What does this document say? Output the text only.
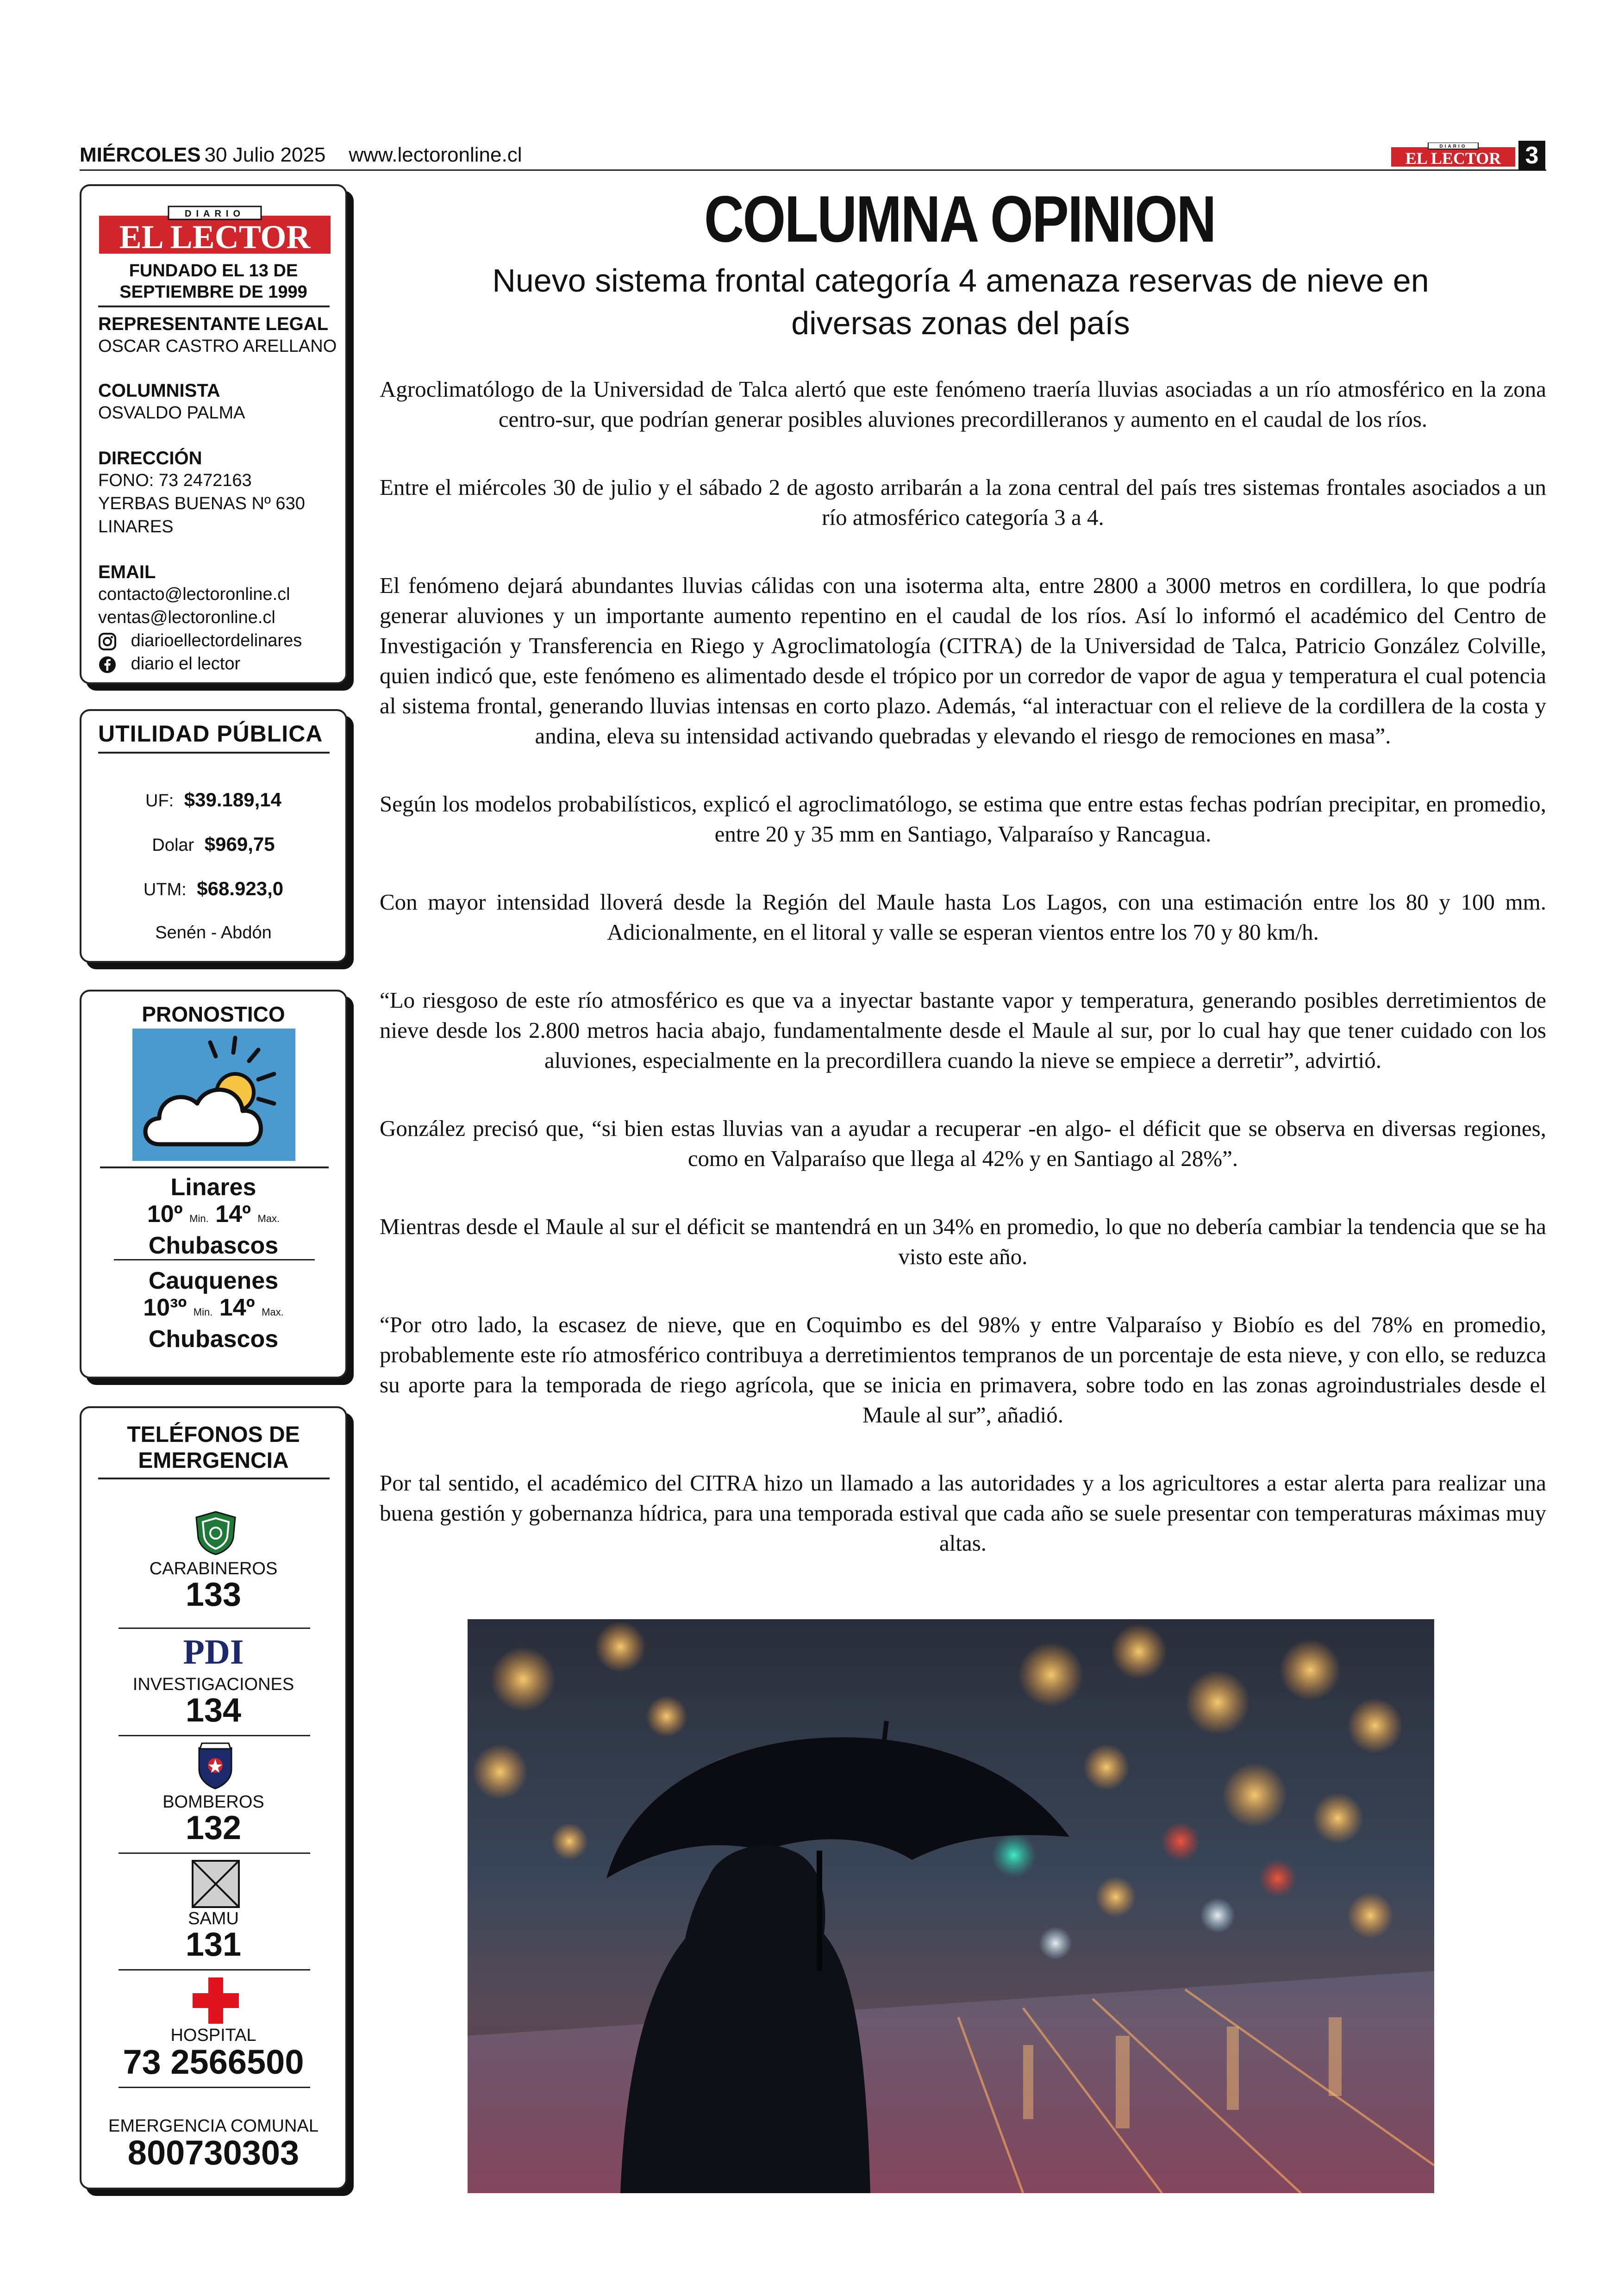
MIÉRCOLES 30 Julio 2025 www.lectoronline.cl	DIARIO
EL LECTOR 3
DIARIO
EL LECTOR
FUNDADO EL 13 DE
SEPTIEMBRE DE 1999
REPRESENTANTE LEGAL
OSCAR CASTRO ARELLANO
COLUMNISTA
OSVALDO PALMA
DIRECCIÓN
FONO: 73 2472163
YERBAS BUENAS Nº 630
LINARES
EMAIL
contacto@lectoronline.cl
ventas@lectoronline.cl
diarioellectordelinares
diario el lector
UTILIDAD PÚBLICA
UF: $39.189,14
Dolar $969,75
UTM: $68.923,0
Senén - Abdón
PRONOSTICO
Linares
10º Min. 14º Max.
Chubascos
Cauquenes
10³º Min. 14º Max.
Chubascos
TELÉFONOS DE
EMERGENCIA
CARABINEROS
133
PDI
INVESTIGACIONES
134
BOMBEROS
132
SAMU
131
HOSPITAL
73 2566500
EMERGENCIA COMUNAL
800730303
COLUMNA OPINION
Nuevo sistema frontal categoría 4 amenaza reservas de nieve en diversas zonas del país

Agroclimatólogo de la Universidad de Talca alertó que este fenómeno traería lluvias asociadas a un río atmosférico en la zona centro-sur, que podrían generar posibles aluviones precordilleranos y aumento en el caudal de los ríos.

Entre el miércoles 30 de julio y el sábado 2 de agosto arribarán a la zona central del país tres sistemas frontales asociados a un río atmosférico categoría 3 a 4.

El fenómeno dejará abundantes lluvias cálidas con una isoterma alta, entre 2800 a 3000 metros en cordillera, lo que podría generar aluviones y un importante aumento repentino en el caudal de los ríos. Así lo informó el académico del Centro de Investigación y Transferencia en Riego y Agroclimatología (CITRA) de la Universidad de Talca, Patricio González Colville, quien indicó que, este fenómeno es alimentado desde el trópico por un corredor de vapor de agua y temperatura el cual potencia al sistema frontal, generando lluvias intensas en corto plazo. Además, “al interactuar con el relieve de la cordillera de la costa y andina, eleva su intensidad activando quebradas y elevando el riesgo de remociones en masa”.

Según los modelos probabilísticos, explicó el agroclimatólogo, se estima que entre estas fechas podrían precipitar, en promedio, entre 20 y 35 mm en Santiago, Valparaíso y Rancagua.

Con mayor intensidad lloverá desde la Región del Maule hasta Los Lagos, con una estimación entre los 80 y 100 mm. Adicionalmente, en el litoral y valle se esperan vientos entre los 70 y 80 km/h.

“Lo riesgoso de este río atmosférico es que va a inyectar bastante vapor y temperatura, generando posibles derretimientos de nieve desde los 2.800 metros hacia abajo, fundamentalmente desde el Maule al sur, por lo cual hay que tener cuidado con los aluviones, especialmente en la precordillera cuando la nieve se empiece a derretir”, advirtió.

González precisó que, “si bien estas lluvias van a ayudar a recuperar -en algo- el déficit que se observa en diversas regiones, como en Valparaíso que llega al 42% y en Santiago al 28%”.

Mientras desde el Maule al sur el déficit se mantendrá en un 34% en promedio, lo que no debería cambiar la tendencia que se ha visto este año.

“Por otro lado, la escasez de nieve, que en Coquimbo es del 98% y entre Valparaíso y Biobío es del 78% en promedio, probablemente este río atmosférico contribuya a derretimientos tempranos de un porcentaje de esta nieve, y con ello, se reduzca su aporte para la temporada de riego agrícola, que se inicia en primavera, sobre todo en las zonas agroindustriales desde el Maule al sur”, añadió.

Por tal sentido, el académico del CITRA hizo un llamado a las autoridades y a los agricultores a estar alerta para realizar una buena gestión y gobernanza hídrica, para una temporada estival que cada año se suele presentar con temperaturas máximas muy altas.
